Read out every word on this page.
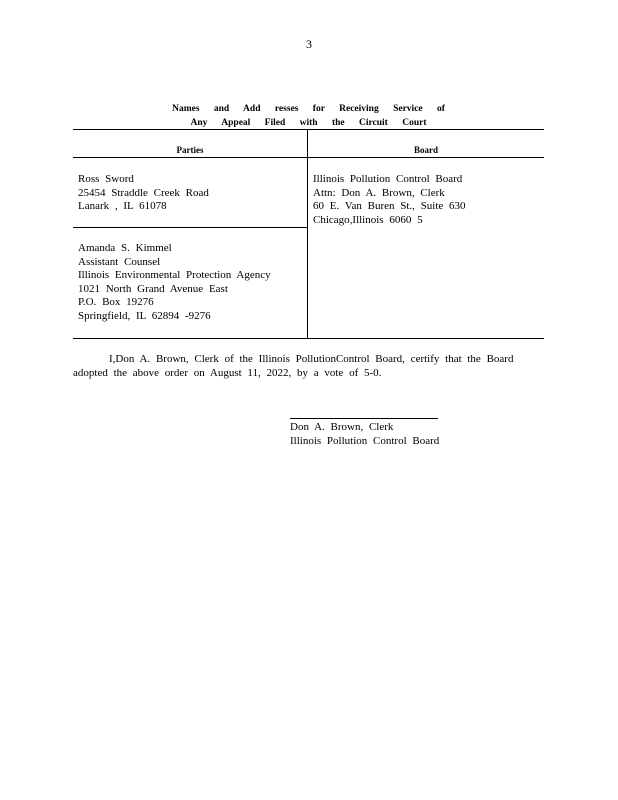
3
Names and Add resses for Receiving Service of
Any Appeal Filed with the Circuit Court
Parties	Board
Ross Sword
25454 Straddle Creek Road
Lanark , IL 61078
Amanda S. Kimmel
Assistant Counsel
Illinois Environmental Protection Agency
1021 North Grand Avenue East
P.O. Box 19276
Springfield, IL 62894 -9276
Illinois Pollution Control Board
Attn: Don A. Brown, Clerk
60 E. Van Buren St., Suite 630
Chicago,Illinois 6060 5
I,Don A. Brown, Clerk of the Illinois PollutionControl Board, certify that the Board
adopted the above order on August 11, 2022, by a vote of 5-0.
Don A. Brown, Clerk
Illinois Pollution Control Board
